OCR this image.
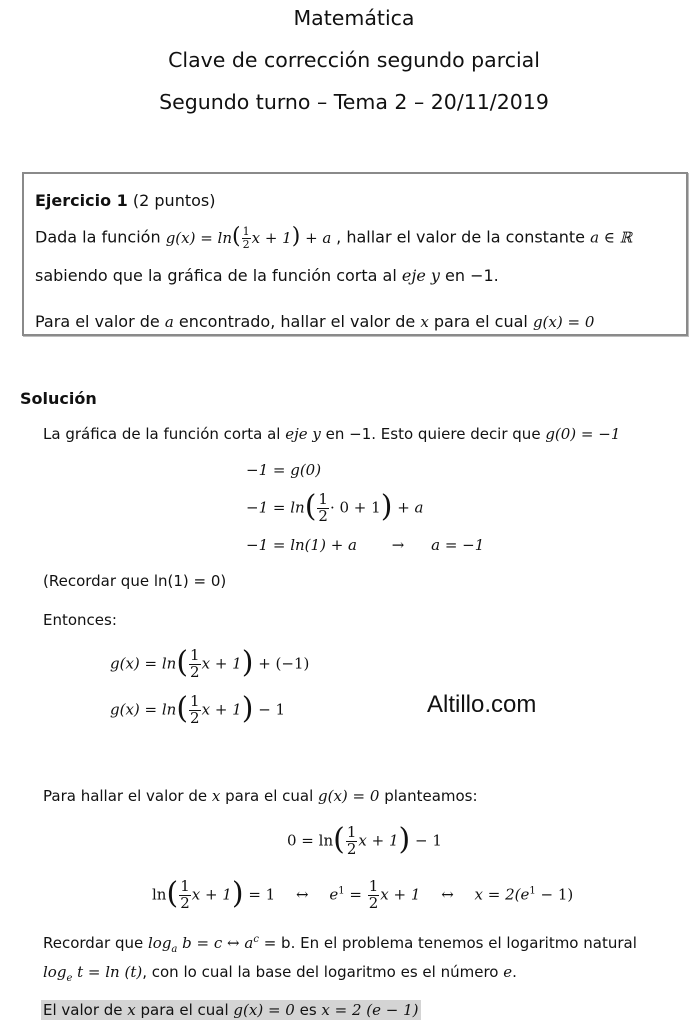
Matemática
Clave de corrección segundo parcial
Segundo turno – Tema 2 – 20/11/2019
Ejercicio 1 (2 puntos)
Dada la función $g(x) = \ln( \frac{1}{2}$ x + 1) + a , hallar el valor de la constante a ∈ ℝ
sabiendo que la gráfica de la función corta al eje y en −1.
Para el valor de a encontrado, hallar el valor de x para el cual g(x) = 0
Solución
La gráfica de la función corta al eje y en −1. Esto quiere decir que g(0) = −1
−1 = g(0)
$-1 = \ln( \frac{1}{2} \cdot 0 + 1) + a$
−1 = ln(1) + a → a = −1
(Recordar que ln(1) = 0)
Entonces:
$g(x) = \ln( \frac{1}{2}$ x + 1) + (−1)
$g(x) = \ln( \frac{1}{2}$ x + 1) − 1	Altillo.com
Para hallar el valor de x para el cual g(x) = 0 planteamos:
$0 = \ln( \frac{1}{2}$ x + 1) − 1
$\ln( \frac{1}{2}$ x + 1) = 1 ↔ $e^1 = \frac{1}{2}$ x + 1 ↔ $x = 2(e^1 - 1)$
Recordar que $\log_a b = c$ ↔ $a^c = b$. En el problema tenemos el logaritmo natural
$\log_e t = \ln (t)$, con lo cual la base del logaritmo es el número e.
El valor de x para el cual g(x) = 0 es x = 2 (e − 1)
